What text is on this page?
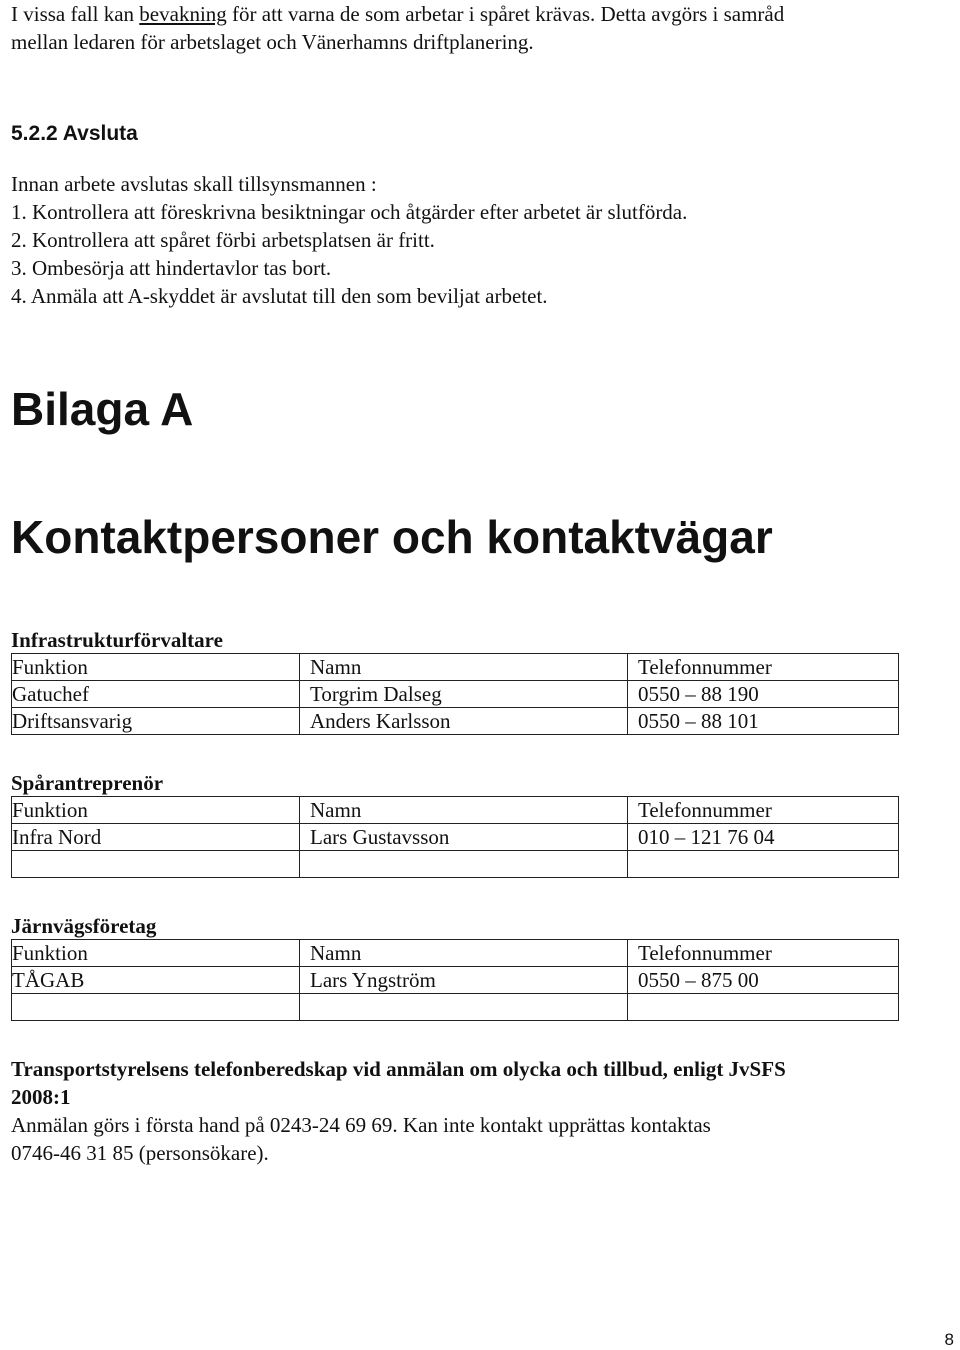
I vissa fall kan bevakning för att varna de som arbetar i spåret krävas. Detta avgörs i samråd

mellan ledaren för arbetslaget och Vänerhamns driftplanering.

5.2.2 Avsluta

Innan arbete avslutas skall tillsynsmannen :

1. Kontrollera att föreskrivna besiktningar och åtgärder efter arbetet är slutförda.

2. Kontrollera att spåret förbi arbetsplatsen är fritt.

3. Ombesörja att hindertavlor tas bort.

4. Anmäla att A-skyddet är avslutat till den som beviljat arbetet.

Bilaga A
Kontaktpersoner och kontaktvägar
Infrastrukturförvaltare
Funktion	Namn	Telefonnummer
Gatuchef	Torgrim Dalseg	0550 – 88 190
Driftsansvarig	Anders Karlsson	0550 – 88 101
Spårantreprenör
Funktion	Namn	Telefonnummer
Infra Nord	Lars Gustavsson	010 – 121 76 04

Järnvägsföretag
Funktion	Namn	Telefonnummer
TÅGAB	Lars Yngström	0550 – 875 00

Transportstyrelsens telefonberedskap vid anmälan om olycka och tillbud, enligt JvSFS

2008:1

Anmälan görs i första hand på 0243-24 69 69. Kan inte kontakt upprättas kontaktas

0746-46 31 85 (personsökare).

8
